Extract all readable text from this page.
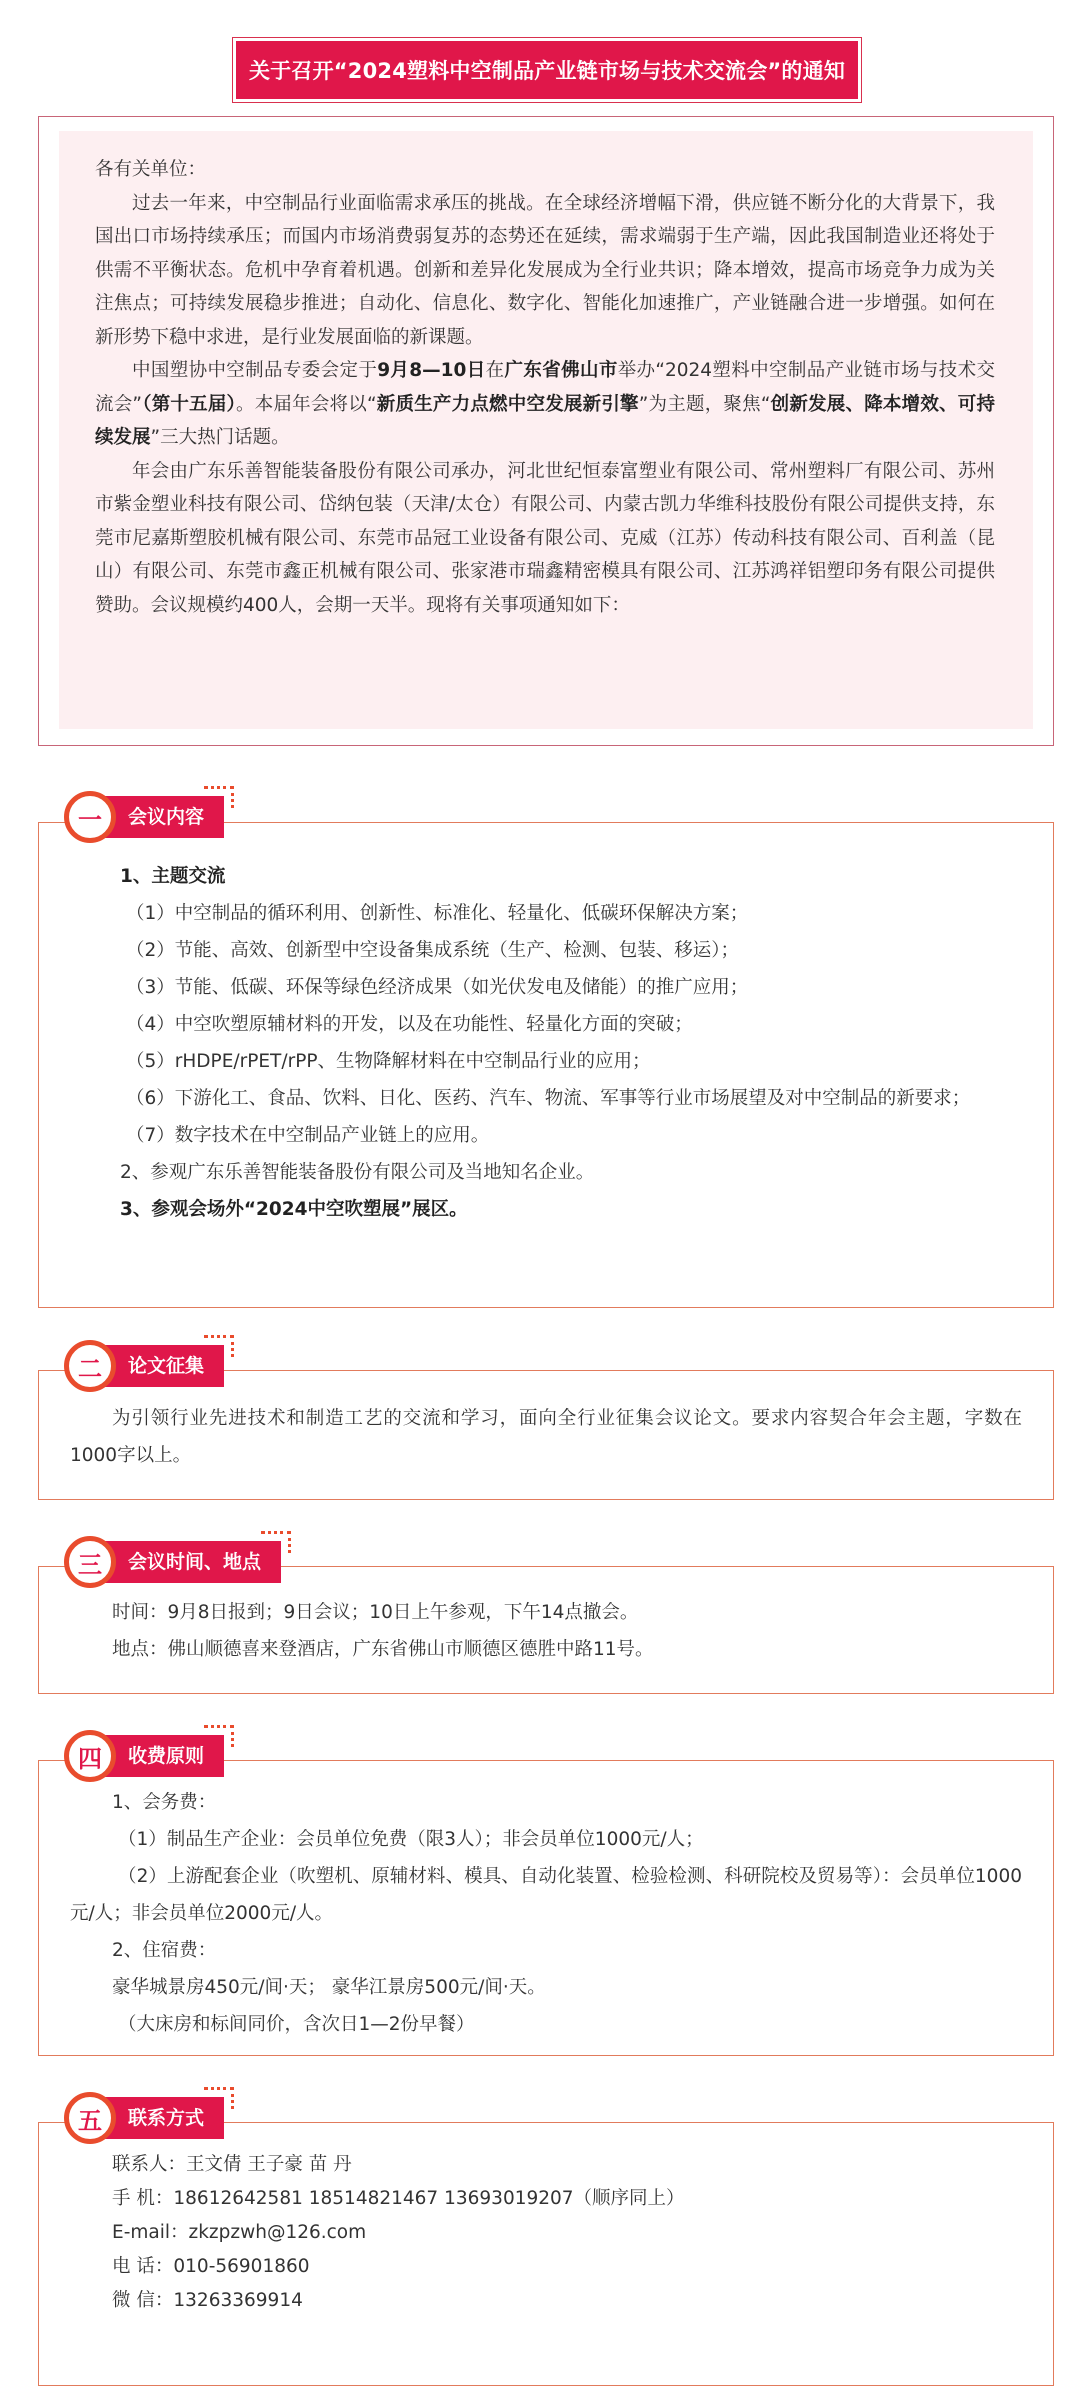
关于召开“2024塑料中空制品产业链市场与技术交流会”的通知

各有关单位：

过去一年来，中空制品行业面临需求承压的挑战。在全球经济增幅下滑，供应链不断分化的大背景下，我国出口市场持续承压；而国内市场消费弱复苏的态势还在延续，需求端弱于生产端，因此我国制造业还将处于供需不平衡状态。危机中孕育着机遇。创新和差异化发展成为全行业共识；降本增效，提高市场竞争力成为关注焦点；可持续发展稳步推进；自动化、信息化、数字化、智能化加速推广，产业链融合进一步增强。如何在新形势下稳中求进，是行业发展面临的新课题。

中国塑协中空制品专委会定于9月8—10日在广东省佛山市举办“2024塑料中空制品产业链市场与技术交流会”（第十五届）。本届年会将以“新质生产力点燃中空发展新引擎”为主题，聚焦“创新发展、降本增效、可持续发展”三大热门话题。

年会由广东乐善智能装备股份有限公司承办，河北世纪恒泰富塑业有限公司、常州塑料厂有限公司、苏州市紫金塑业科技有限公司、岱纳包装（天津/太仓）有限公司、内蒙古凯力华维科技股份有限公司提供支持，东莞市尼嘉斯塑胶机械有限公司、东莞市品冠工业设备有限公司、克威（江苏）传动科技有限公司、百利盖（昆山）有限公司、东莞市鑫正机械有限公司、张家港市瑞鑫精密模具有限公司、江苏鸿祥铝塑印务有限公司提供赞助。会议规模约400人，会期一天半。现将有关事项通知如下：

一	会议内容

1、主题交流

（1）中空制品的循环利用、创新性、标准化、轻量化、低碳环保解决方案；

（2）节能、高效、创新型中空设备集成系统（生产、检测、包装、移运）；

（3）节能、低碳、环保等绿色经济成果（如光伏发电及储能）的推广应用；

（4）中空吹塑原辅材料的开发，以及在功能性、轻量化方面的突破；

（5）rHDPE/rPET/rPP、生物降解材料在中空制品行业的应用；

（6）下游化工、食品、饮料、日化、医药、汽车、物流、军事等行业市场展望及对中空制品的新要求；

（7）数字技术在中空制品产业链上的应用。

2、参观广东乐善智能装备股份有限公司及当地知名企业。

3、参观会场外“2024中空吹塑展”展区。

二	论文征集

为引领行业先进技术和制造工艺的交流和学习，面向全行业征集会议论文。要求内容契合年会主题，字数在1000字以上。

三	会议时间、地点

时间：9月8日报到；9日会议；10日上午参观，下午14点撤会。

地点：佛山顺德喜来登酒店，广东省佛山市顺德区德胜中路11号。

四	收费原则

1、会务费：

（1）制品生产企业：会员单位免费（限3人）；非会员单位1000元/人；

（2）上游配套企业（吹塑机、原辅材料、模具、自动化装置、检验检测、科研院校及贸易等）：会员单位1000元/人；非会员单位2000元/人。

2、住宿费：

豪华城景房450元/间·天； 豪华江景房500元/间·天。

（大床房和标间同价，含次日1—2份早餐）

五	联系方式

联系人：王文倩 王子豪 苗 丹

手 机：18612642581 18514821467 13693019207（顺序同上）

E-mail：zkzpzwh@126.com

电 话：010-56901860

微 信：13263369914
